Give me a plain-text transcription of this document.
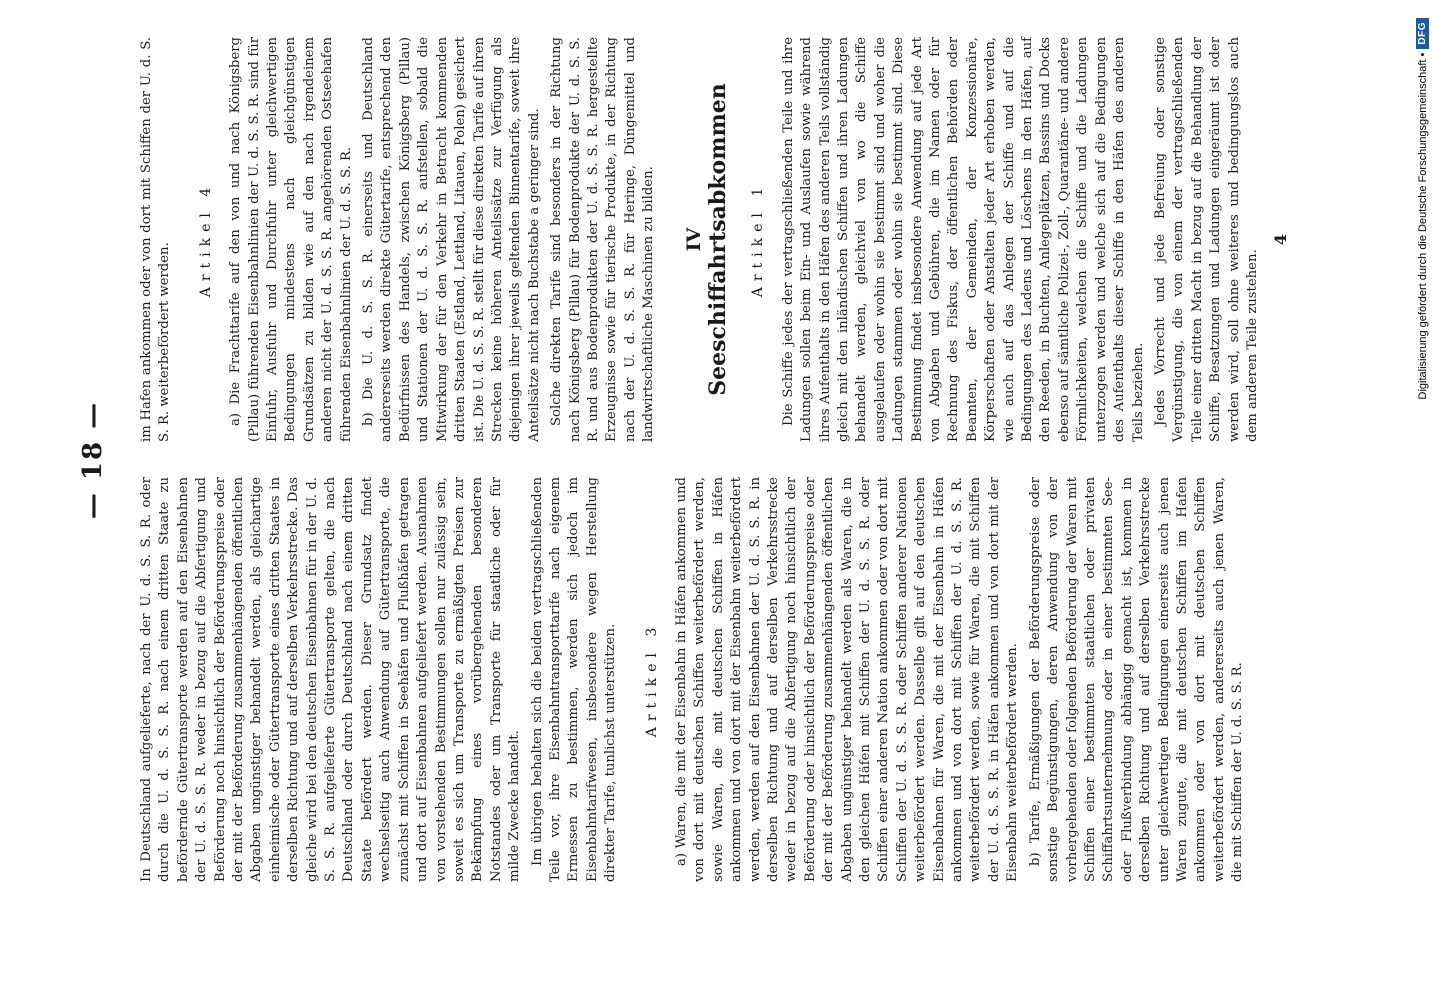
— 18 —

In Deutschland aufgelieferte, nach der U. d. S. S. R. oder durch die U. d. S. S. R. nach einem dritten Staate zu befördernde Gütertransporte werden auf den Eisenbahnen der U. d. S. S. R. weder in bezug auf die Abfertigung und Beförderung noch hinsichtlich der Beförderungspreise oder der mit der Beförderung zusammenhängenden öffentlichen Abgaben ungünstiger behandelt werden, als gleichartige einheimische oder Gütertransporte eines dritten Staates in derselben Richtung und auf derselben Verkehrsstrecke. Das gleiche wird bei den deutschen Eisenbahnen für in der U. d. S. S. R. aufgelieferte Gütertransporte gelten, die nach Deutschland oder durch Deutschland nach einem dritten Staate befördert werden. Dieser Grundsatz findet wechselseitig auch Anwendung auf Gütertransporte, die zunächst mit Schiffen in Seehäfen und Flußhäfen getragen und dort auf Eisenbahnen aufgeliefert werden. Ausnahmen von vorstehenden Bestimmungen sollen nur zulässig sein, soweit es sich um Transporte zu ermäßigten Preisen zur Bekämpfung eines vorübergehenden besonderen Notstandes oder um Transporte für staatliche oder für milde Zwecke handelt. Im übrigen behalten sich die beiden vertragschließenden Teile vor, ihre Eisenbahntransporttarife nach eigenem Ermessen zu bestimmen, werden sich jedoch im Eisenbahntarifwesen, insbesondere wegen Herstellung direkter Tarife, tunlichst unterstützen. Artikel 3 a) Waren, die mit der Eisenbahn in Häfen ankommen und von dort mit deutschen Schiffen weiterbefördert werden, sowie Waren, die mit deutschen Schiffen in Häfen ankommen und von dort mit der Eisenbahn weiterbefördert werden, werden auf den Eisenbahnen der U. d. S. S. R. in derselben Richtung und auf derselben Verkehrsstrecke weder in bezug auf die Abfertigung noch hinsichtlich der Beförderung oder hinsichtlich der Beförderungspreise oder der mit der Beförderung zusammenhängenden öffentlichen Abgaben ungünstiger behandelt werden als Waren, die in den gleichen Häfen mit Schiffen der U. d. S. S. R. oder Schiffen einer anderen Nation ankommen oder von dort mit Schiffen der U. d. S. S. R. oder Schiffen anderer Nationen weiterbefördert werden. Dasselbe gilt auf den deutschen Eisenbahnen für Waren, die mit der Eisenbahn in Häfen ankommen und von dort mit Schiffen der U. d. S. S. R. weiterbefördert werden, sowie für Waren, die mit Schiffen der U. d. S. S. R. in Häfen ankommen und von dort mit der Eisenbahn weiterbefördert werden. b) Tarife, Ermäßigungen der Beförderungspreise oder sonstige Begünstigungen, deren Anwendung von der vorhergehenden oder folgenden Beförderung der Waren mit Schiffen einer bestimmten staatlichen oder privaten Schiffahrtsunternehmung oder in einer bestimmten See- oder Flußverbindung abhängig gemacht ist, kommen in derselben Richtung und auf derselben Verkehrsstrecke unter gleichwertigen Bedingungen einerseits auch jenen Waren zugute, die mit deutschen Schiffen im Hafen ankommen oder von dort mit deutschen Schiffen weiterbefördert werden, andererseits auch jenen Waren, die mit Schiffen der U. d. S. S. R.

im Hafen ankommen oder von dort mit Schiffen der U. d. S. S. R. weiterbefördert werden.

Artikel 4 a) Die Frachttarife auf den von und nach Königsberg (Pillau) führenden Eisenbahnlinien der U. d. S. S. R. sind für Einfuhr, Ausfuhr und Durchfuhr unter gleichwertigen Bedingungen mindestens nach gleichgünstigen Grundsätzen zu bilden wie auf den nach irgendeinem anderen nicht der U. d. S. S. R. angehörenden Ostseehafen führenden Eisenbahnlinien der U. d. S. S. R. b) Die U. d. S. S. R. einerseits und Deutschland andererseits werden direkte Gütertarife, entsprechend den Bedürfnissen des Handels, zwischen Königsberg (Pillau) und Stationen der U. d. S. S. R. aufstellen, sobald die Mitwirkung der für den Verkehr in Betracht kommenden dritten Staaten (Estland, Lettland, Litauen, Polen) gesichert ist. Die U. d. S. S. R. stellt für diese direkten Tarife auf ihren Strecken keine höheren Anteilssätze zur Verfügung als diejenigen ihrer jeweils geltenden Binnentarife, soweit ihre Anteilsätze nicht nach Buchstabe a geringer sind. Solche direkten Tarife sind besonders in der Richtung nach Königsberg (Pillau) für Bodenprodukte der U. d. S. S. R. und aus Bodenprodukten der U. d. S. S. R. hergestellte Erzeugnisse sowie für tierische Produkte, in der Richtung nach der U. d. S. S. R. für Heringe, Düngemittel und landwirtschaftliche Maschinen zu bilden. IV Seeschiffahrtsabkommen Artikel 1 Die Schiffe jedes der vertragschließenden Teile und ihre Ladungen sollen beim Ein- und Auslaufen sowie während ihres Aufenthalts in den Häfen des anderen Teils vollständig gleich mit den inländischen Schiffen und ihren Ladungen behandelt werden, gleichviel von wo die Schiffe ausgelaufen oder wohin sie bestimmt sind und woher die Ladungen stammen oder wohin sie bestimmt sind. Diese Bestimmung findet insbesondere Anwendung auf jede Art von Abgaben und Gebühren, die im Namen oder für Rechnung des Fiskus, der öffentlichen Behörden oder Beamten, der Gemeinden, der Konzessionäre, Körperschaften oder Anstalten jeder Art erhoben werden, wie auch auf das Anlegen der Schiffe und auf die Bedingungen des Ladens und Löschens in den Häfen, auf den Reeden, in Buchten, Anlegeplätzen, Bassins und Docks ebenso auf sämtliche Polizei-, Zoll-, Quarantäne- und andere Förmlichkeiten, welchen die Schiffe und die Ladungen unterzogen werden und welche sich auf die Bedingungen des Aufenthalts dieser Schiffe in den Häfen des anderen Teils beziehen. Jedes Vorrecht und jede Befreiung oder sonstige Vergünstigung, die von einem der vertragschließenden Teile einer dritten Macht in bezug auf die Behandlung der Schiffe, Besatzungen und Ladungen eingeräumt ist oder werden wird, soll ohne weiteres und bedingungslos auch dem anderen Teile zustehen.

4	Digitalisierung gefördert durch die Deutsche Forschungsgemeinschaft •
DFG
